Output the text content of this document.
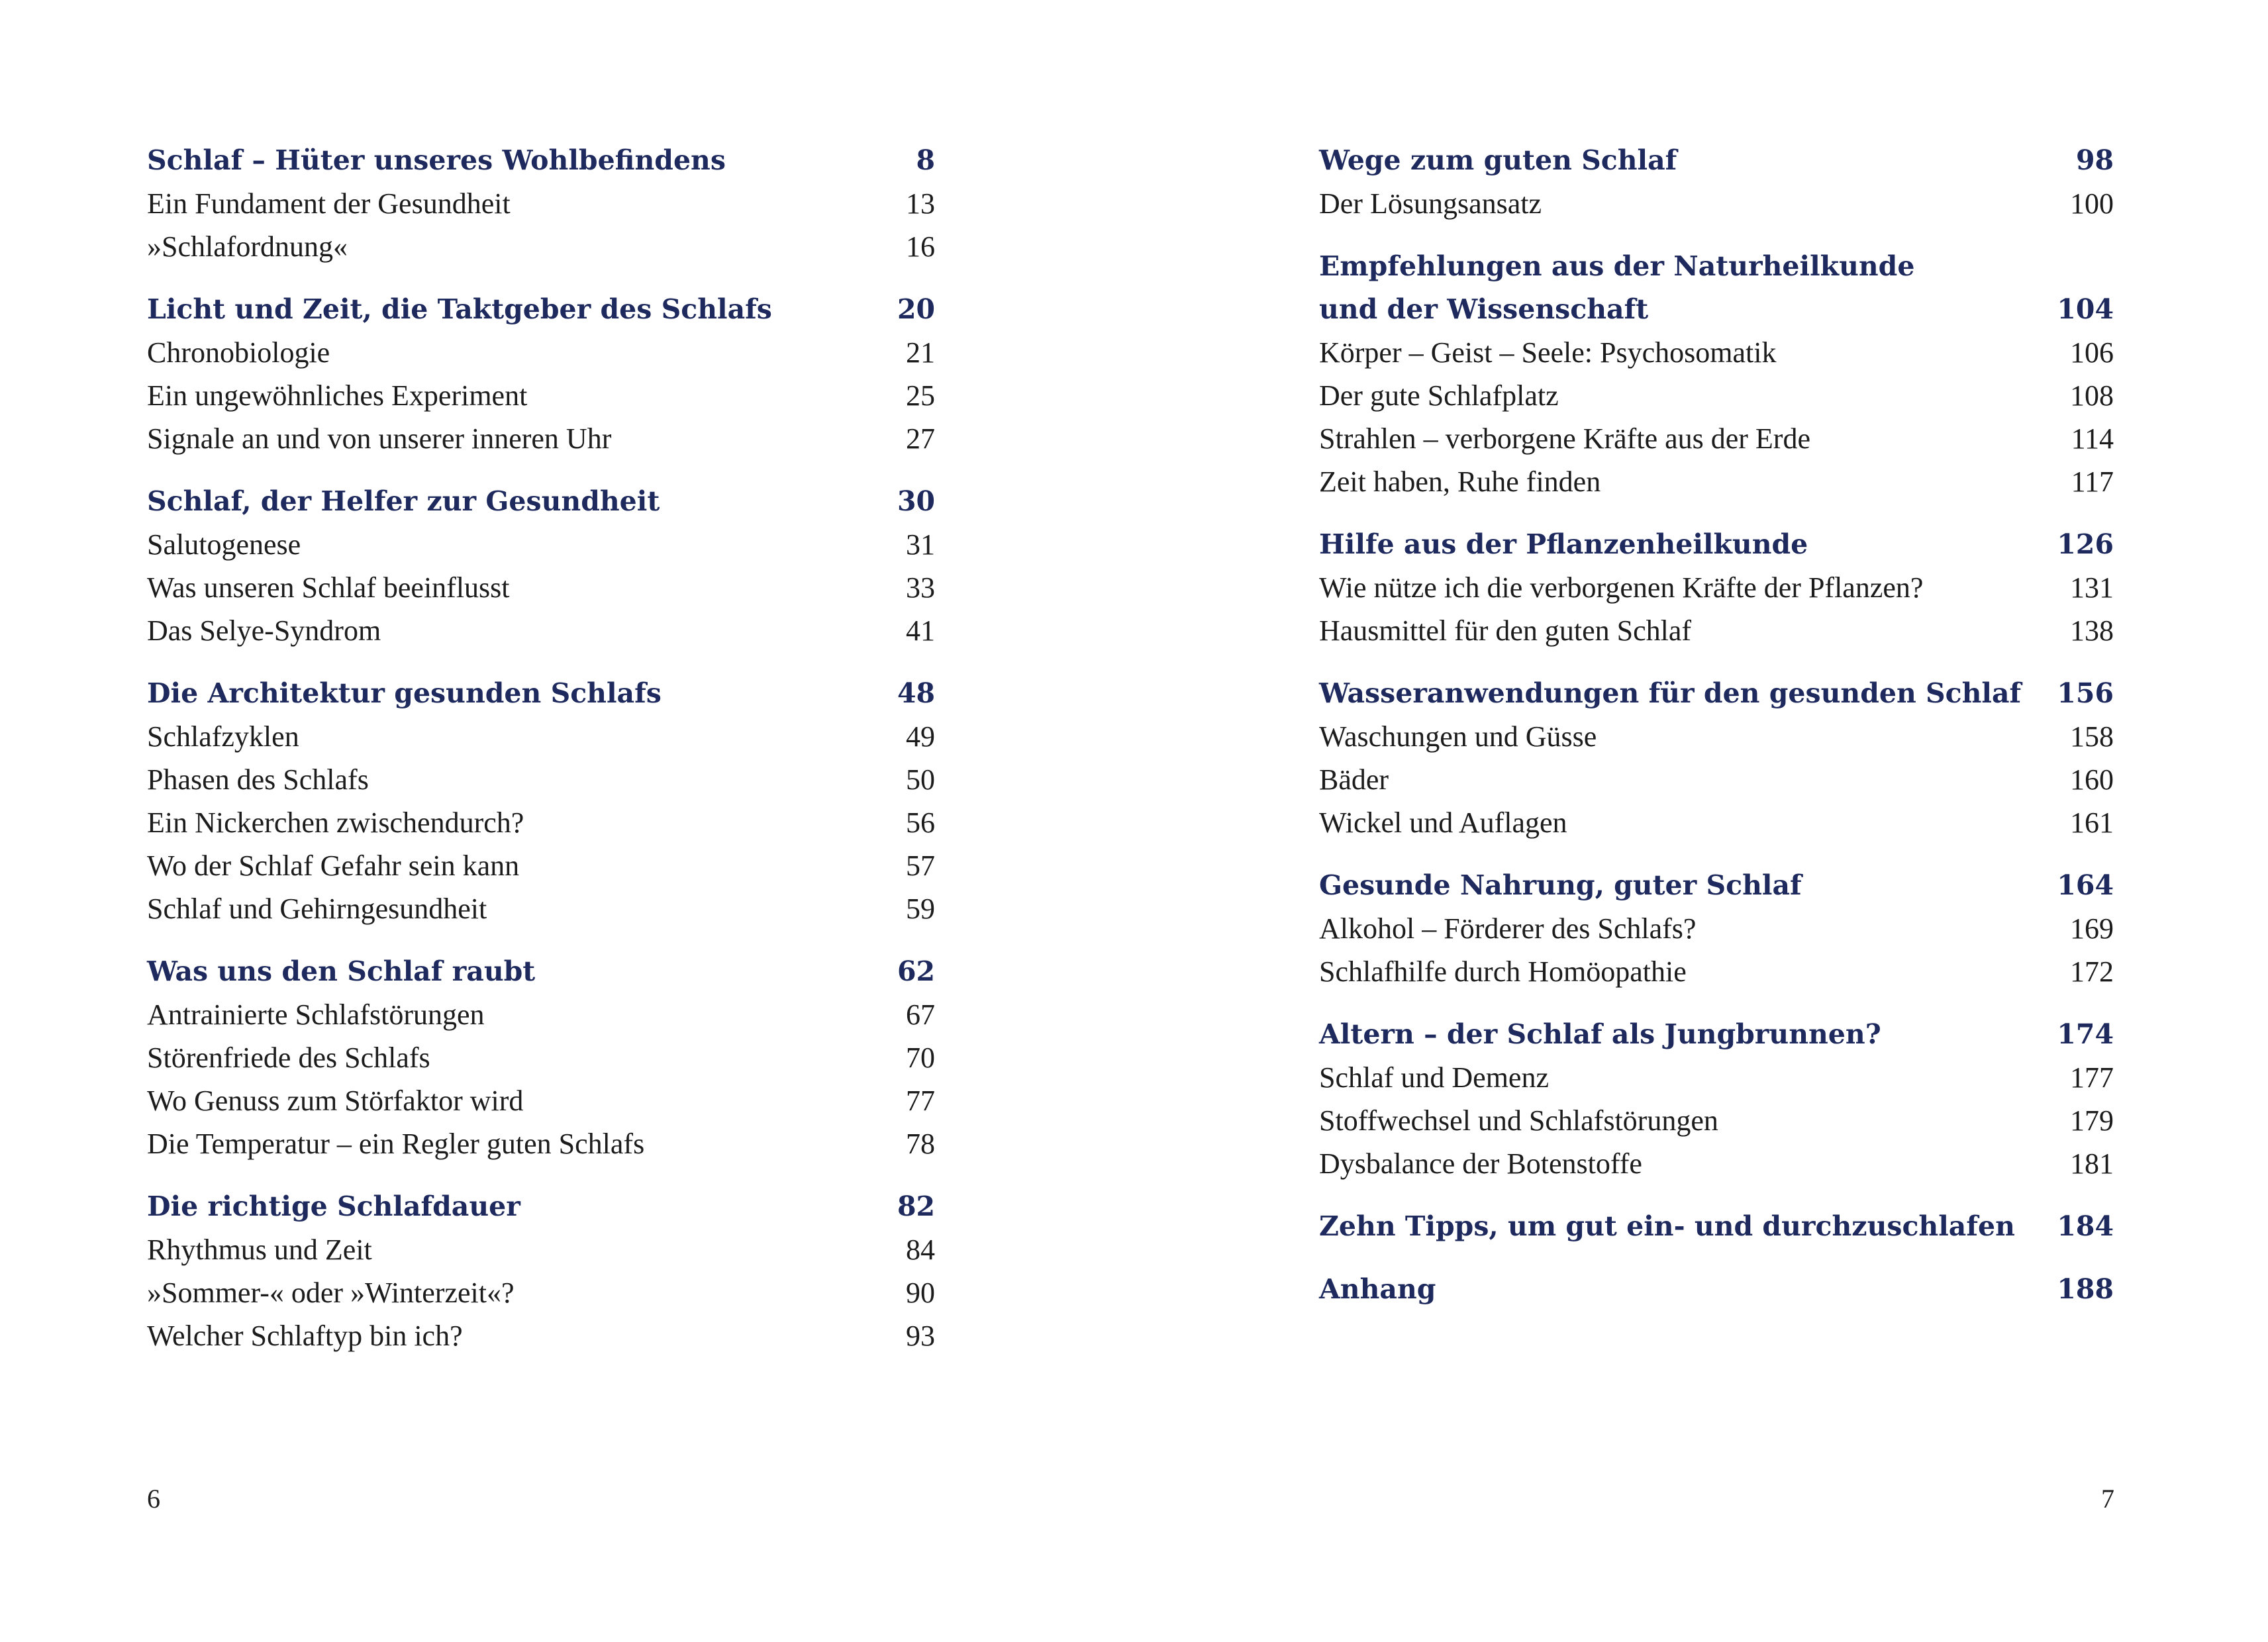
Schlaf – Hüter unseres Wohlbefindens	8
Ein Fundament der Gesundheit	13
»Schlafordnung«	16
Licht und Zeit, die Taktgeber des Schlafs	20
Chronobiologie	21
Ein ungewöhnliches Experiment	25
Signale an und von unserer inneren Uhr	27
Schlaf, der Helfer zur Gesundheit	30
Salutogenese	31
Was unseren Schlaf beeinflusst	33
Das Selye-Syndrom	41
Die Architektur gesunden Schlafs	48
Schlafzyklen	49
Phasen des Schlafs	50
Ein Nickerchen zwischendurch?	56
Wo der Schlaf Gefahr sein kann	57
Schlaf und Gehirngesundheit	59
Was uns den Schlaf raubt	62
Antrainierte Schlafstörungen	67
Störenfriede des Schlafs	70
Wo Genuss zum Störfaktor wird	77
Die Temperatur – ein Regler guten Schlafs	78
Die richtige Schlafdauer	82
Rhythmus und Zeit	84
»Sommer-« oder »Winterzeit«?	90
Welcher Schlaftyp bin ich?	93
6
Wege zum guten Schlaf	98
Der Lösungsansatz	100
Empfehlungen aus der Naturheilkunde
und der Wissenschaft	104
Körper – Geist – Seele: Psychosomatik	106
Der gute Schlafplatz	108
Strahlen – verborgene Kräfte aus der Erde	114
Zeit haben, Ruhe finden	117
Hilfe aus der Pflanzenheilkunde	126
Wie nütze ich die verborgenen Kräfte der Pflanzen?	131
Hausmittel für den guten Schlaf	138
Wasseranwendungen für den gesunden Schlaf	156
Waschungen und Güsse	158
Bäder	160
Wickel und Auflagen	161
Gesunde Nahrung, guter Schlaf	164
Alkohol – Förderer des Schlafs?	169
Schlafhilfe durch Homöopathie	172
Altern – der Schlaf als Jungbrunnen?	174
Schlaf und Demenz	177
Stoffwechsel und Schlafstörungen	179
Dysbalance der Botenstoffe	181
Zehn Tipps, um gut ein- und durchzuschlafen	184
Anhang	188
7
